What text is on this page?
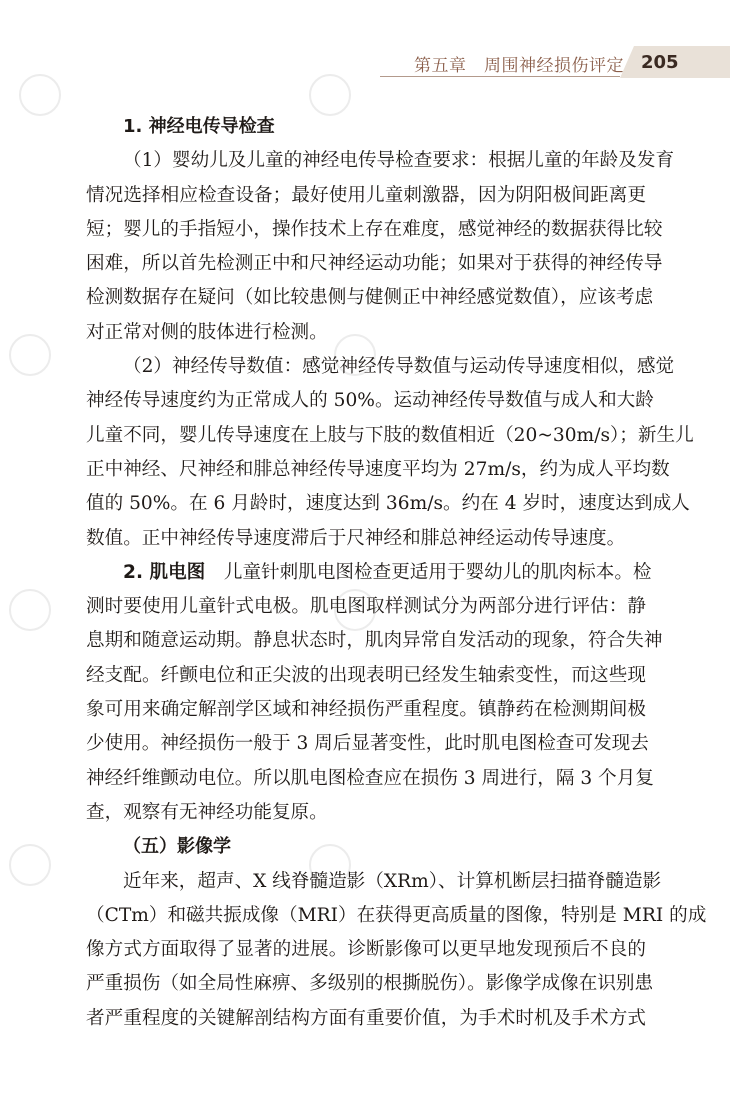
第五章　周围神经损伤评定 205
1. 神经电传导检查
（1）婴幼儿及儿童的神经电传导检查要求：根据儿童的年龄及发育
情况选择相应检查设备；最好使用儿童刺激器，因为阴阳极间距离更
短；婴儿的手指短小，操作技术上存在难度，感觉神经的数据获得比较
困难，所以首先检测正中和尺神经运动功能；如果对于获得的神经传导
检测数据存在疑问（如比较患侧与健侧正中神经感觉数值），应该考虑
对正常对侧的肢体进行检测。
（2）神经传导数值：感觉神经传导数值与运动传导速度相似，感觉
神经传导速度约为正常成人的 50%。运动神经传导数值与成人和大龄
儿童不同，婴儿传导速度在上肢与下肢的数值相近（20~30m/s）；新生儿
正中神经、尺神经和腓总神经传导速度平均为 27m/s，约为成人平均数
值的 50%。在 6 月龄时，速度达到 36m/s。约在 4 岁时，速度达到成人
数值。正中神经传导速度滞后于尺神经和腓总神经运动传导速度。
2. 肌电图　儿童针刺肌电图检查更适用于婴幼儿的肌肉标本。检
测时要使用儿童针式电极。肌电图取样测试分为两部分进行评估：静
息期和随意运动期。静息状态时，肌肉异常自发活动的现象，符合失神
经支配。纤颤电位和正尖波的出现表明已经发生轴索变性，而这些现
象可用来确定解剖学区域和神经损伤严重程度。镇静药在检测期间极
少使用。神经损伤一般于 3 周后显著变性，此时肌电图检查可发现去
神经纤维颤动电位。所以肌电图检查应在损伤 3 周进行，隔 3 个月复
查，观察有无神经功能复原。
（五）影像学
近年来，超声、X 线脊髓造影（XRm）、计算机断层扫描脊髓造影
（CTm）和磁共振成像（MRI）在获得更高质量的图像，特别是 MRI 的成
像方式方面取得了显著的进展。诊断影像可以更早地发现预后不良的
严重损伤（如全局性麻痹、多级别的根撕脱伤）。影像学成像在识别患
者严重程度的关键解剖结构方面有重要价值，为手术时机及手术方式
